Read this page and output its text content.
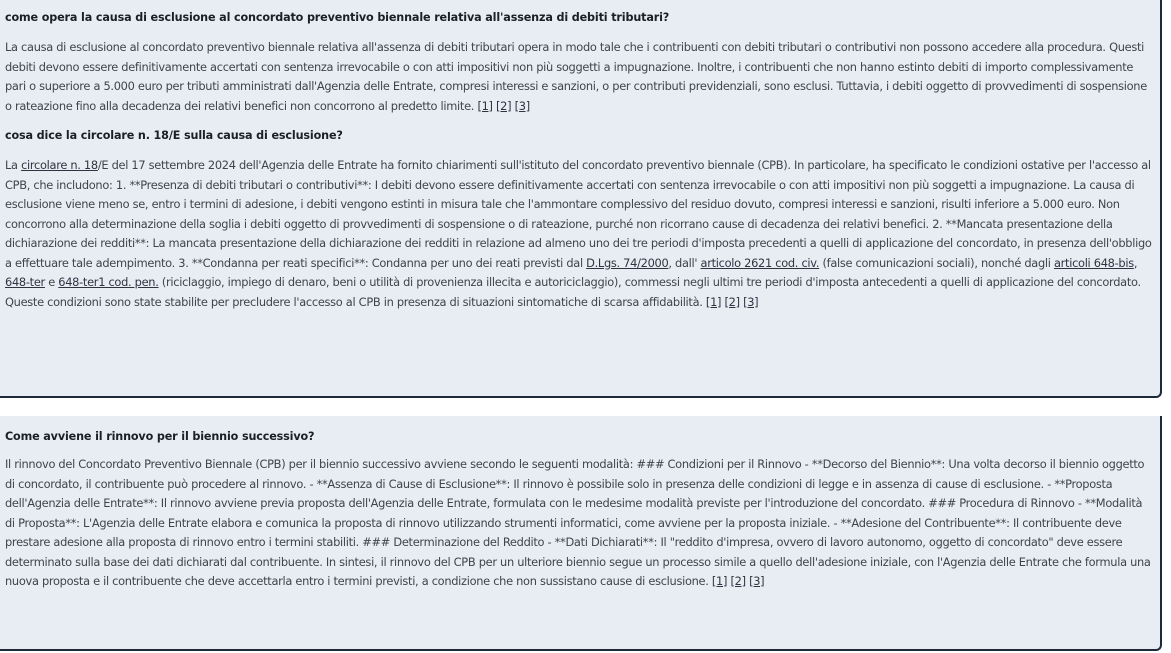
come opera la causa di esclusione al concordato preventivo biennale relativa all'assenza di debiti tributari?

La causa di esclusione al concordato preventivo biennale relativa all'assenza di debiti tributari opera in modo tale che i contribuenti con debiti tributari o contributivi non possono accedere alla procedura. Questi debiti devono essere definitivamente accertati con sentenza irrevocabile o con atti impositivi non più soggetti a impugnazione. Inoltre, i contribuenti che non hanno estinto debiti di importo complessivamente pari o superiore a 5.000 euro per tributi amministrati dall'Agenzia delle Entrate, compresi interessi e sanzioni, o per contributi previdenziali, sono esclusi. Tuttavia, i debiti oggetto di provvedimenti di sospensione o rateazione fino alla decadenza dei relativi benefici non concorrono al predetto limite. [1] [2] [3]

cosa dice la circolare n. 18/E sulla causa di esclusione?

La circolare n. 18/E del 17 settembre 2024 dell'Agenzia delle Entrate ha fornito chiarimenti sull'istituto del concordato preventivo biennale (CPB). In particolare, ha specificato le condizioni ostative per l'accesso al CPB, che includono: 1. **Presenza di debiti tributari o contributivi**: I debiti devono essere definitivamente accertati con sentenza irrevocabile o con atti impositivi non più soggetti a impugnazione. La causa di esclusione viene meno se, entro i termini di adesione, i debiti vengono estinti in misura tale che l'ammontare complessivo del residuo dovuto, compresi interessi e sanzioni, risulti inferiore a 5.000 euro. Non concorrono alla determinazione della soglia i debiti oggetto di provvedimenti di sospensione o di rateazione, purché non ricorrano cause di decadenza dei relativi benefici. 2. **Mancata presentazione della dichiarazione dei redditi**: La mancata presentazione della dichiarazione dei redditi in relazione ad almeno uno dei tre periodi d'imposta precedenti a quelli di applicazione del concordato, in presenza dell'obbligo a effettuare tale adempimento. 3. **Condanna per reati specifici**: Condanna per uno dei reati previsti dal D.Lgs. 74/2000, dall' articolo 2621 cod. civ. (false comunicazioni sociali), nonché dagli articoli 648-bis, 648-ter e 648-ter1 cod. pen. (riciclaggio, impiego di denaro, beni o utilità di provenienza illecita e autoriciclaggio), commessi negli ultimi tre periodi d'imposta antecedenti a quelli di applicazione del concordato. Queste condizioni sono state stabilite per precludere l'accesso al CPB in presenza di situazioni sintomatiche di scarsa affidabilità. [1] [2] [3]

Come avviene il rinnovo per il biennio successivo?

Il rinnovo del Concordato Preventivo Biennale (CPB) per il biennio successivo avviene secondo le seguenti modalità: ### Condizioni per il Rinnovo - **Decorso del Biennio**: Una volta decorso il biennio oggetto di concordato, il contribuente può procedere al rinnovo. - **Assenza di Cause di Esclusione**: Il rinnovo è possibile solo in presenza delle condizioni di legge e in assenza di cause di esclusione. - **Proposta dell'Agenzia delle Entrate**: Il rinnovo avviene previa proposta dell'Agenzia delle Entrate, formulata con le medesime modalità previste per l'introduzione del concordato. ### Procedura di Rinnovo - **Modalità di Proposta**: L'Agenzia delle Entrate elabora e comunica la proposta di rinnovo utilizzando strumenti informatici, come avviene per la proposta iniziale. - **Adesione del Contribuente**: Il contribuente deve prestare adesione alla proposta di rinnovo entro i termini stabiliti. ### Determinazione del Reddito - **Dati Dichiarati**: Il "reddito d'impresa, ovvero di lavoro autonomo, oggetto di concordato" deve essere determinato sulla base dei dati dichiarati dal contribuente. In sintesi, il rinnovo del CPB per un ulteriore biennio segue un processo simile a quello dell'adesione iniziale, con l'Agenzia delle Entrate che formula una nuova proposta e il contribuente che deve accettarla entro i termini previsti, a condizione che non sussistano cause di esclusione. [1] [2] [3]
